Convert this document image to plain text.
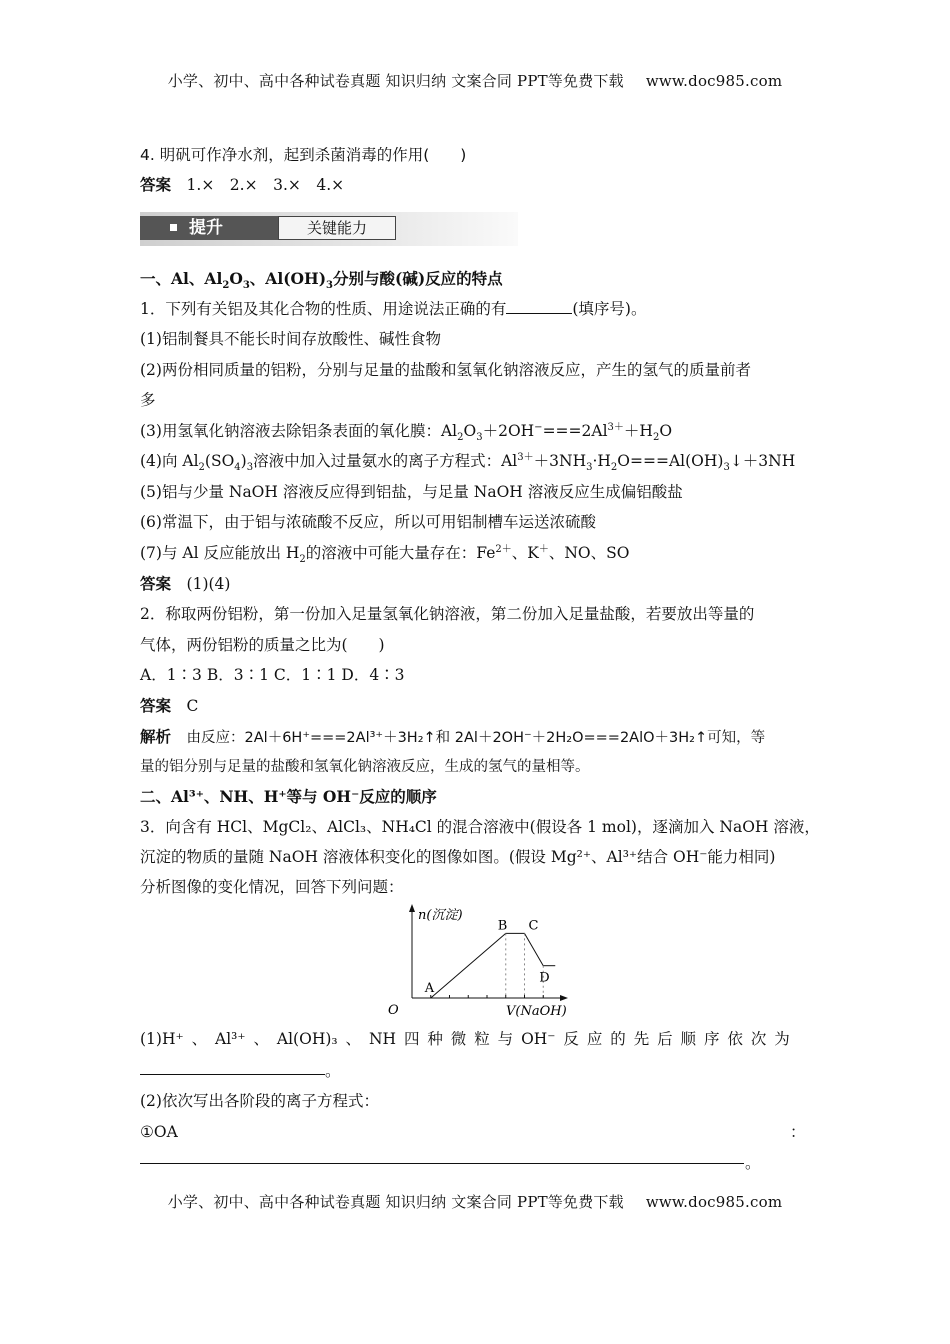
小学、初中、高中各种试卷真题 知识归纳 文案合同 PPT等免费下载 www.doc985.com
4. 明矾可作净水剂，起到杀菌消毒的作用(　　)
答案　 1.×　2.×　3.×　4.×
提升	关键能力
一、Al、$Al_2O_3$、$Al(OH)_3$分别与酸(碱)反应的特点
1．下列有关铝及其化合物的性质、用途说法正确的有	(填序号)。
(1)铝制餐具不能长时间存放酸性、碱性食物
(2)两份相同质量的铝粉，分别与足量的盐酸和氢氧化钠溶液反应，产生的氢气的质量前者
多
(3)用氢氧化钠溶液去除铝条表面的氧化膜：$Al_2O_3+2OH^-===2Al^{3+}+H_2O$
(4)向 $Al_2(SO_4)_3$溶液中加入过量氨水的离子方程式：$Al^{3+}+3NH_3\cdot H_2O===Al(OH)_3↓+3NH$
(5)铝与少量 NaOH 溶液反应得到铝盐，与足量 NaOH 溶液反应生成偏铝酸盐
(6)常温下，由于铝与浓硫酸不反应，所以可用铝制槽车运送浓硫酸
(7)与 Al 反应能放出 $H_2$的溶液中可能大量存在：$Fe^{2+}$、K＋、NO、SO
答案　 (1)(4)
2．称取两份铝粉，第一份加入足量氢氧化钠溶液，第二份加入足量盐酸，若要放出等量的
气体，两份铝粉的质量之比为(　　)
A．1∶3 B．3∶1 C．1∶1 D．4∶3
答案　 C
解析　 由反应：2Al＋6H⁺===2Al³⁺＋3H₂↑和 2Al＋2OH⁻＋2H₂O===2AlO＋3H₂↑可知，等
量的铝分别与足量的盐酸和氢氧化钠溶液反应，生成的氢气的量相等。
二、Al³⁺、NH、H⁺等与 OH⁻反应的顺序
3．向含有 HCl、MgCl₂、AlCl₃、NH₄Cl 的混合溶液中(假设各 1 mol)，逐滴加入 NaOH 溶液，
沉淀的物质的量随 NaOH 溶液体积变化的图像如图。(假设 Mg²⁺、Al³⁺结合 OH⁻能力相同)
分析图像的变化情况，回答下列问题：
n(沉淀)
V(NaOH)
O
A
B C
D
(1)H⁺ 、 Al³⁺ 、 Al(OH)₃ 、 NH 四 种 微 粒 与 OH⁻ 反 应 的 先 后 顺 序 依 次 为
。
(2)依次写出各阶段的离子方程式：
①OA	：
。
小学、初中、高中各种试卷真题 知识归纳 文案合同 PPT等免费下载 www.doc985.com
